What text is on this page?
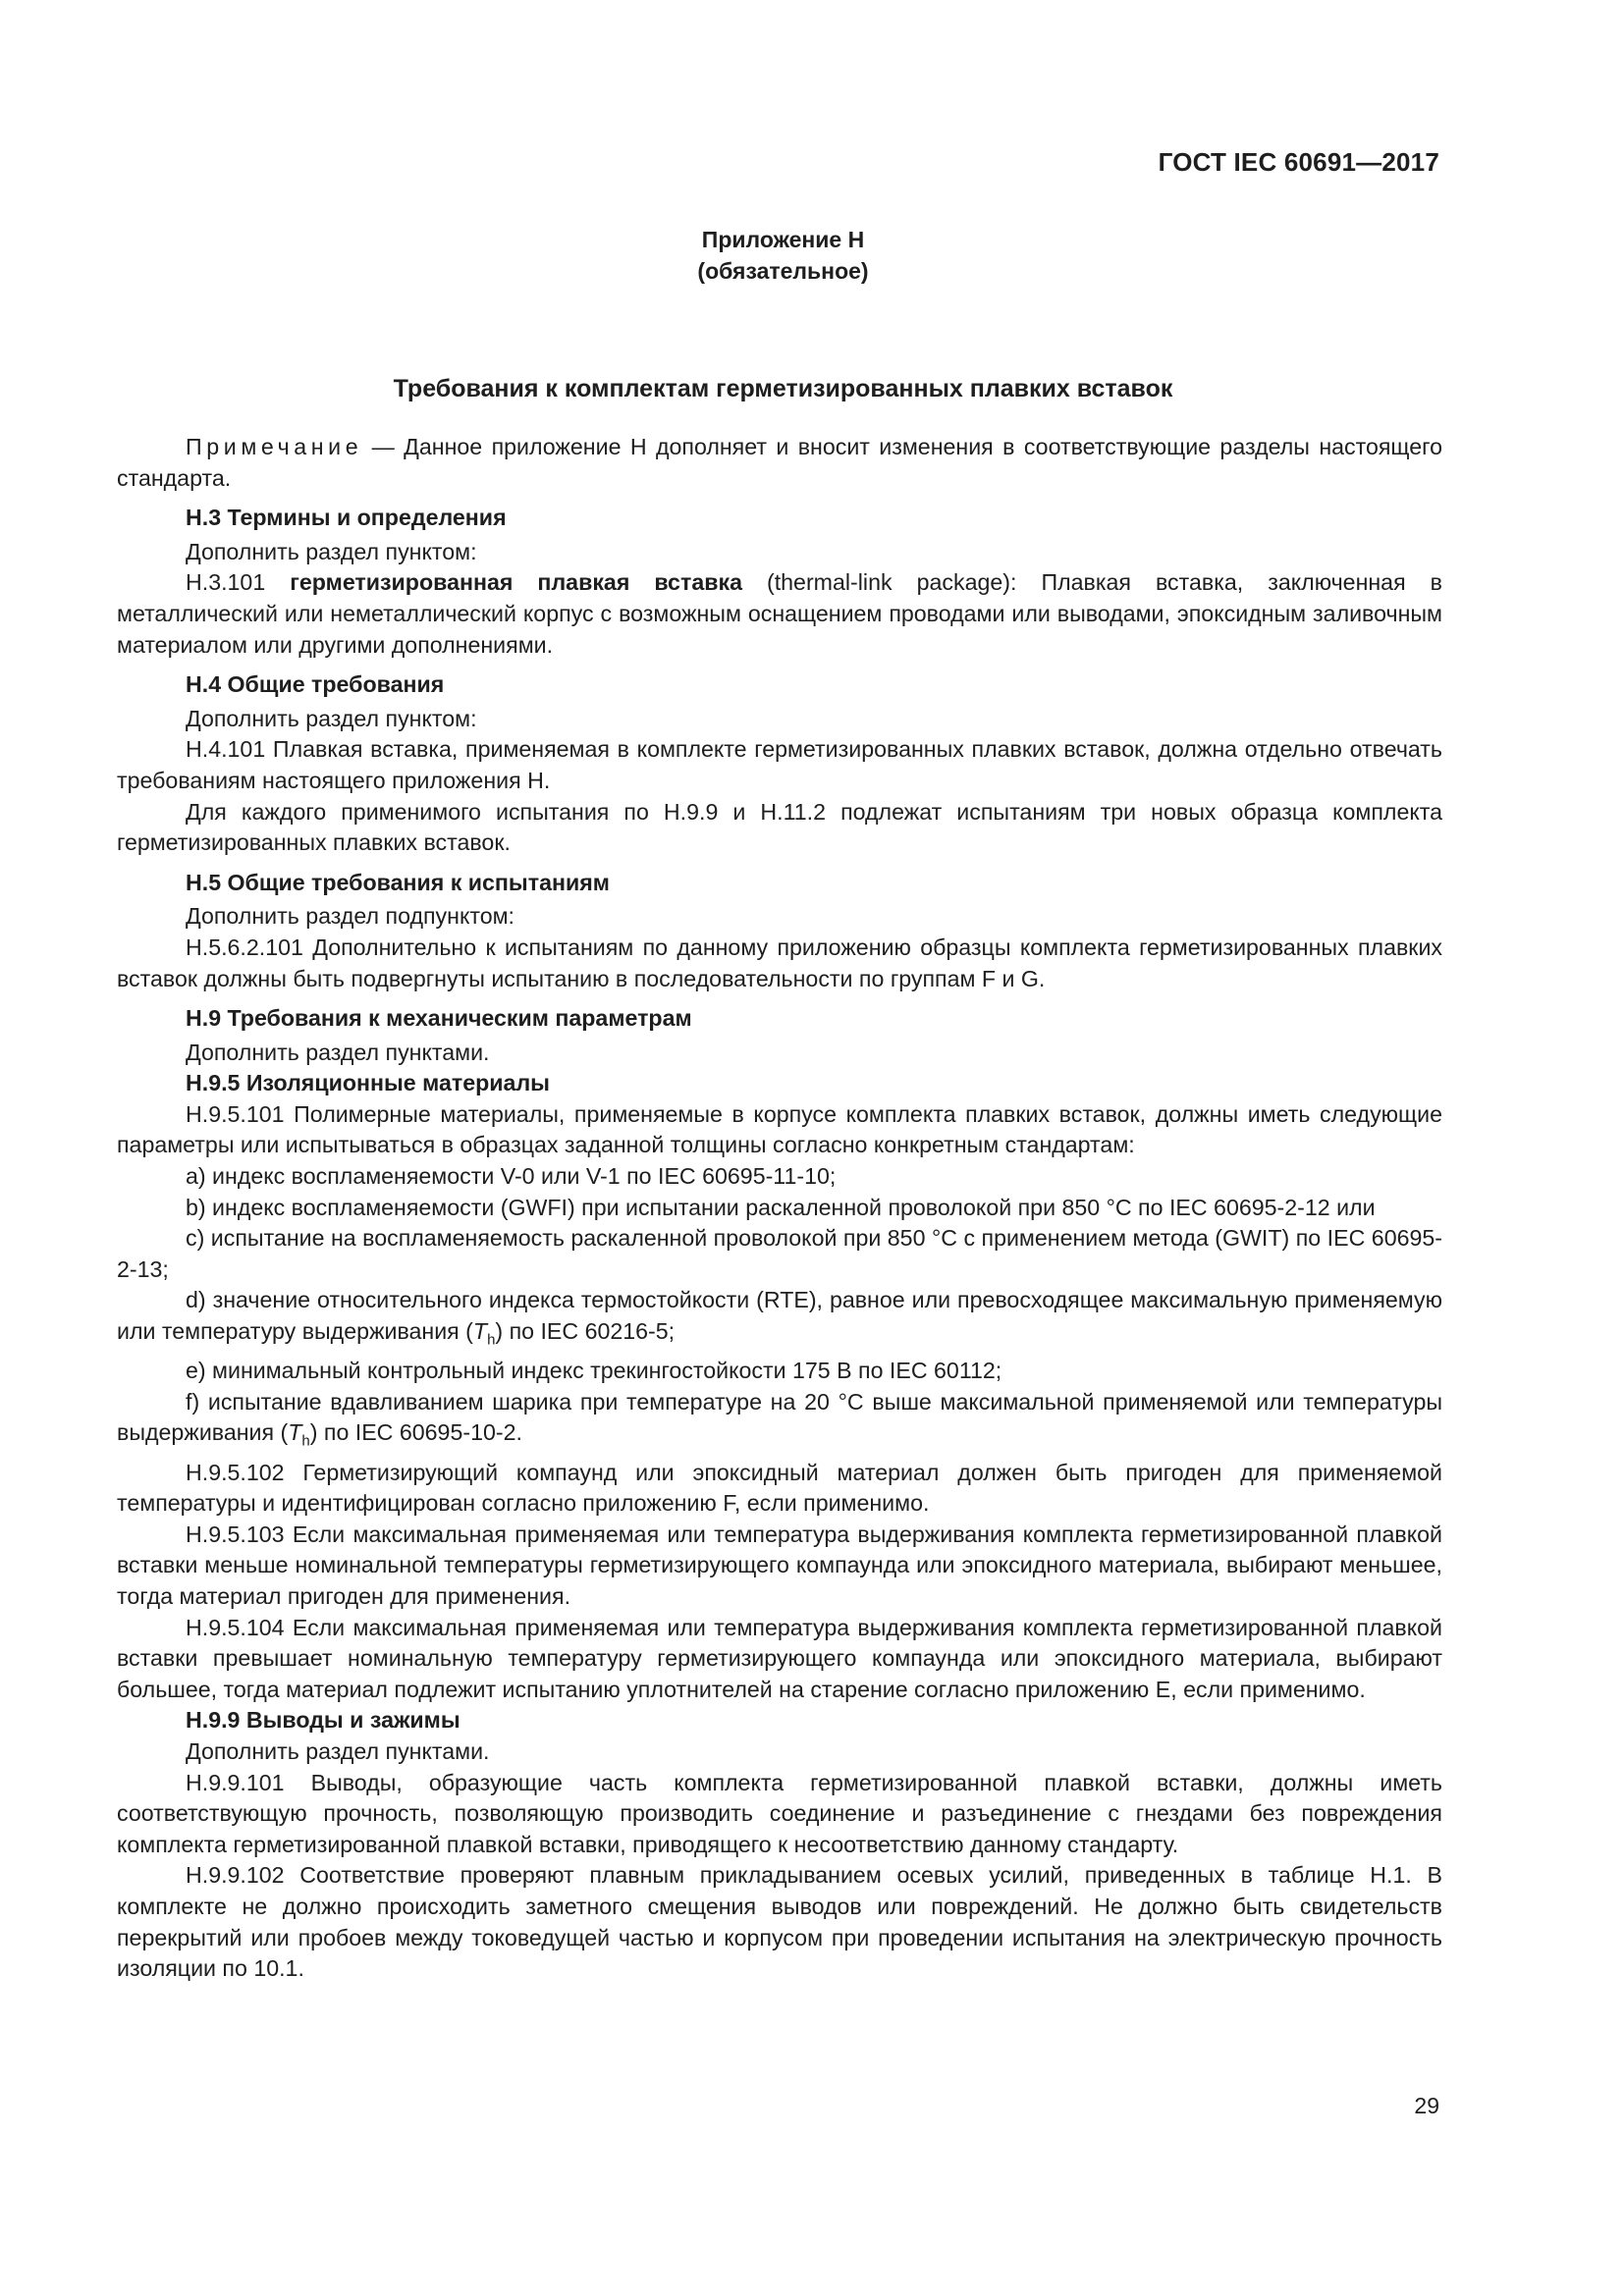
ГОСТ IEC 60691—2017
Приложение Н
(обязательное)
Требования к комплектам герметизированных плавких вставок

Примечание — Данное приложение Н дополняет и вносит изменения в соответствующие разделы настоящего стандарта.

Н.3 Термины и определения

Дополнить раздел пунктом:

Н.3.101 герметизированная плавкая вставка (thermal-link package): Плавкая вставка, заключенная в металлический или неметаллический корпус с возможным оснащением проводами или выводами, эпоксидным заливочным материалом или другими дополнениями.

Н.4 Общие требования

Дополнить раздел пунктом:

Н.4.101 Плавкая вставка, применяемая в комплекте герметизированных плавких вставок, должна отдельно отвечать требованиям настоящего приложения Н.

Для каждого применимого испытания по Н.9.9 и Н.11.2 подлежат испытаниям три новых образца комплекта герметизированных плавких вставок.

Н.5 Общие требования к испытаниям

Дополнить раздел подпунктом:

Н.5.6.2.101 Дополнительно к испытаниям по данному приложению образцы комплекта герметизированных плавких вставок должны быть подвергнуты испытанию в последовательности по группам F и G.

Н.9 Требования к механическим параметрам

Дополнить раздел пунктами.

Н.9.5 Изоляционные материалы

Н.9.5.101 Полимерные материалы, применяемые в корпусе комплекта плавких вставок, должны иметь следующие параметры или испытываться в образцах заданной толщины согласно конкретным стандартам:

a) индекс воспламеняемости V-0 или V-1 по IEC 60695-11-10;

b) индекс воспламеняемости (GWFI) при испытании раскаленной проволокой при 850 °С по IEC 60695-2-12 или

c) испытание на воспламеняемость раскаленной проволокой при 850 °С с применением метода (GWIT) по IEC 60695-2-13;

d) значение относительного индекса термостойкости (RTE), равное или превосходящее максимальную применяемую или температуру выдерживания $(T_h)$ по IEC 60216-5;

e) минимальный контрольный индекс трекингостойкости 175 В по IEC 60112;

f) испытание вдавливанием шарика при температуре на 20 °С выше максимальной применяемой или температуры выдерживания $(T_h)$ по IEC 60695-10-2.

Н.9.5.102 Герметизирующий компаунд или эпоксидный материал должен быть пригоден для применяемой температуры и идентифицирован согласно приложению F, если применимо.

Н.9.5.103 Если максимальная применяемая или температура выдерживания комплекта герметизированной плавкой вставки меньше номинальной температуры герметизирующего компаунда или эпоксидного материала, выбирают меньшее, тогда материал пригоден для применения.

Н.9.5.104 Если максимальная применяемая или температура выдерживания комплекта герметизированной плавкой вставки превышает номинальную температуру герметизирующего компаунда или эпоксидного материала, выбирают большее, тогда материал подлежит испытанию уплотнителей на старение согласно приложению Е, если применимо.

Н.9.9 Выводы и зажимы

Дополнить раздел пунктами.

Н.9.9.101 Выводы, образующие часть комплекта герметизированной плавкой вставки, должны иметь соответствующую прочность, позволяющую производить соединение и разъединение с гнездами без повреждения комплекта герметизированной плавкой вставки, приводящего к несоответствию данному стандарту.

Н.9.9.102 Соответствие проверяют плавным прикладыванием осевых усилий, приведенных в таблице Н.1. В комплекте не должно происходить заметного смещения выводов или повреждений. Не должно быть свидетельств перекрытий или пробоев между токоведущей частью и корпусом при проведении испытания на электрическую прочность изоляции по 10.1.

29
